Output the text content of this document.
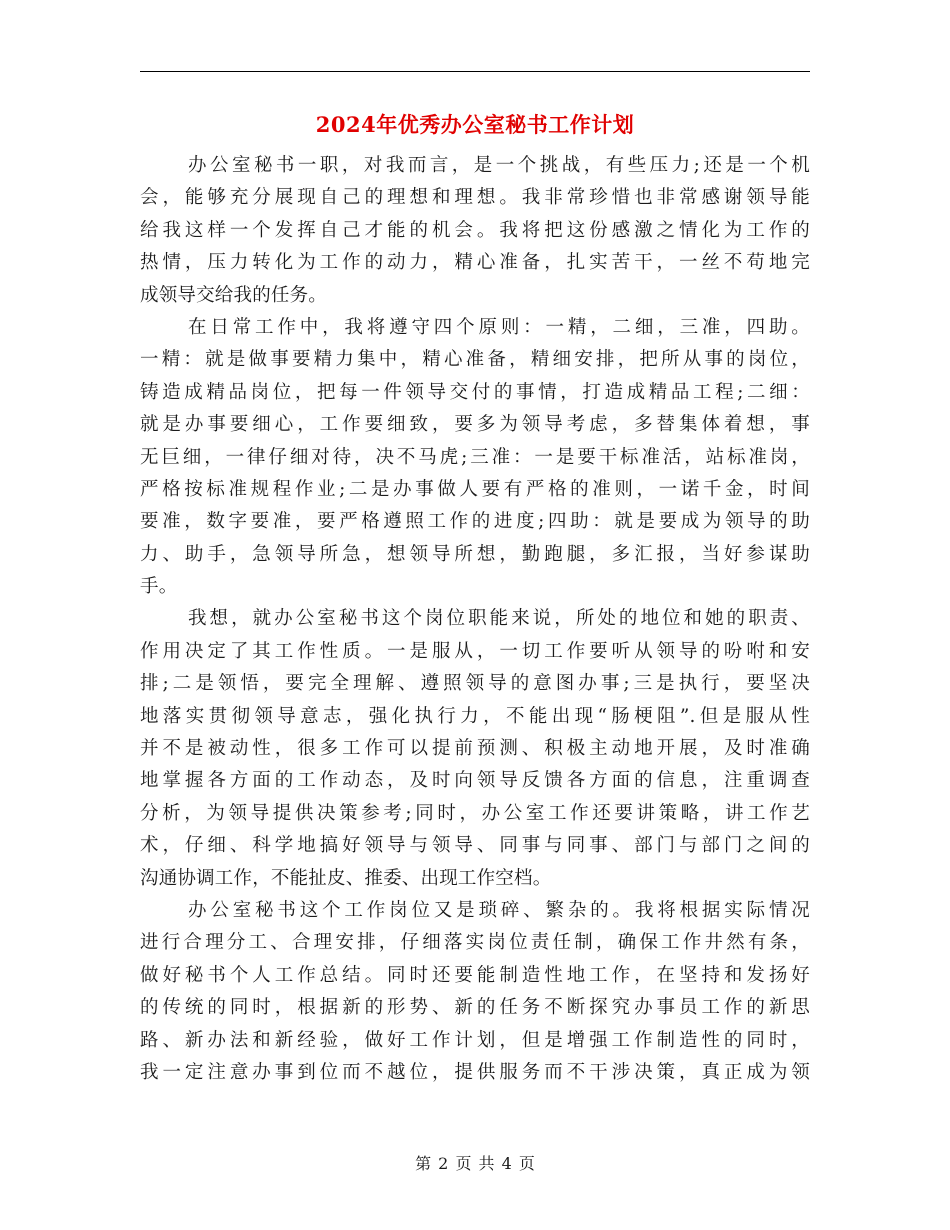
2024年优秀办公室秘书工作计划

办公室秘书一职，对我而言，是一个挑战，有些压力;还是一个机
会，能够充分展现自己的理想和理想。我非常珍惜也非常感谢领导能
给我这样一个发挥自己才能的机会。我将把这份感激之情化为工作的
热情，压力转化为工作的动力，精心准备，扎实苦干，一丝不苟地完
成领导交给我的任务。

在日常工作中，我将遵守四个原则：一精，二细，三准，四助。
一精：就是做事要精力集中，精心准备，精细安排，把所从事的岗位，
铸造成精品岗位，把每一件领导交付的事情，打造成精品工程;二细：
就是办事要细心，工作要细致，要多为领导考虑，多替集体着想，事
无巨细，一律仔细对待，决不马虎;三准：一是要干标准活，站标准岗，
严格按标准规程作业;二是办事做人要有严格的准则，一诺千金，时间
要准，数字要准，要严格遵照工作的进度;四助：就是要成为领导的助
力、助手，急领导所急，想领导所想，勤跑腿，多汇报，当好参谋助
手。

我想，就办公室秘书这个岗位职能来说，所处的地位和她的职责、
作用决定了其工作性质。一是服从，一切工作要听从领导的吩咐和安
排;二是领悟，要完全理解、遵照领导的意图办事;三是执行，要坚决
地落实贯彻领导意志，强化执行力，不能出现“肠梗阻”.但是服从性
并不是被动性，很多工作可以提前预测、积极主动地开展，及时准确
地掌握各方面的工作动态，及时向领导反馈各方面的信息，注重调查
分析，为领导提供决策参考;同时，办公室工作还要讲策略，讲工作艺
术，仔细、科学地搞好领导与领导、同事与同事、部门与部门之间的
沟通协调工作，不能扯皮、推委、出现工作空档。

办公室秘书这个工作岗位又是琐碎、繁杂的。我将根据实际情况
进行合理分工、合理安排，仔细落实岗位责任制，确保工作井然有条，
做好秘书个人工作总结。同时还要能制造性地工作，在坚持和发扬好
的传统的同时，根据新的形势、新的任务不断探究办事员工作的新思
路、新办法和新经验，做好工作计划，但是增强工作制造性的同时，
我一定注意办事到位而不越位，提供服务而不干涉决策，真正成为领

第 2 页 共 4 页
